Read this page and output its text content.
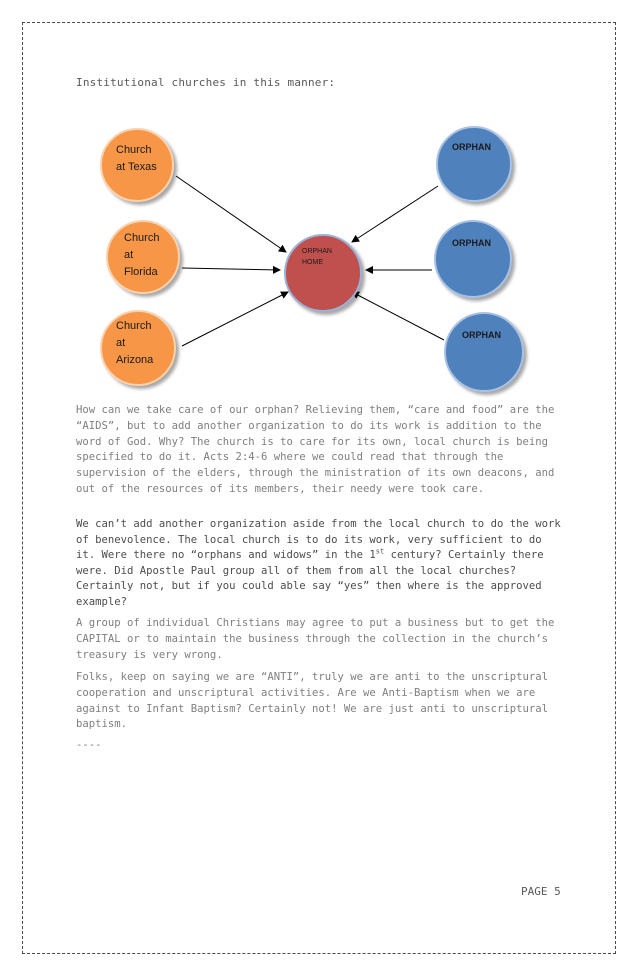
Institutional churches in this manner:
Church
at Texas
Church
at
Florida
Church
at
Arizona
ORPHAN
HOME
ORPHAN
ORPHAN
ORPHAN

How can we take care of our orphan? Relieving them, “care and food” are the “AIDS”, but to add another organization to do its work is addition to the word of God. Why? The church is to care for its own, local church is being specified to do it. Acts 2:4-6 where we could read that through the supervision of the elders, through the ministration of its own deacons, and out of the resources of its members, their needy were took care.

We can’t add another organization aside from the local church to do the work of benevolence. The local church is to do its work, very sufficient to do it. Were there no “orphans and widows” in the 1st century? Certainly there were. Did Apostle Paul group all of them from all the local churches? Certainly not, but if you could able say “yes” then where is the approved example?

A group of individual Christians may agree to put a business but to get the CAPITAL or to maintain the business through the collection in the church’s treasury is very wrong.

Folks, keep on saying we are “ANTI”, truly we are anti to the unscriptural cooperation and unscriptural activities. Are we Anti-Baptism when we are against to Infant Baptism? Certainly not! We are just anti to unscriptural baptism.

----
PAGE 5
